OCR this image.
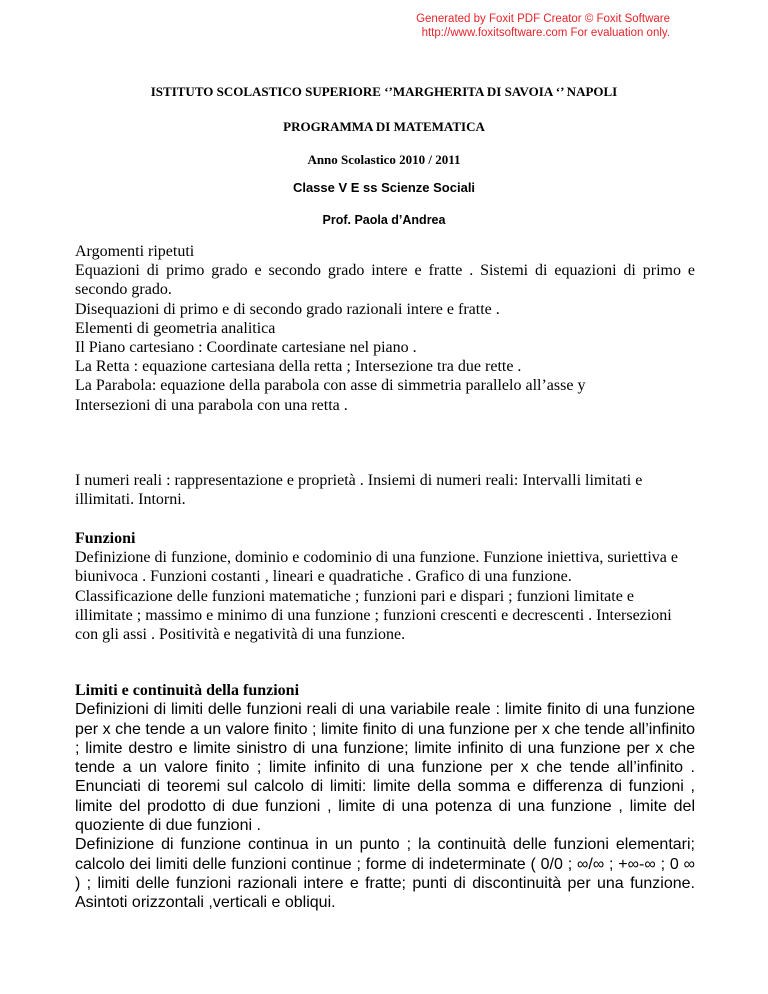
Generated by Foxit PDF Creator © Foxit Software
http://www.foxitsoftware.com For evaluation only.
ISTITUTO SCOLASTICO SUPERIORE ‘’MARGHERITA DI SAVOIA ‘’ NAPOLI
PROGRAMMA DI MATEMATICA
Anno Scolastico 2010 / 2011
Classe V E ss Scienze Sociali
Prof. Paola d’Andrea
Argomenti ripetuti

Equazioni di primo grado e secondo grado intere e fratte . Sistemi di equazioni di primo e secondo grado.

Disequazioni di primo e di secondo grado razionali intere e fratte .
Elementi di geometria analitica
Il Piano cartesiano : Coordinate cartesiane nel piano .
La Retta : equazione cartesiana della retta ; Intersezione tra due rette .
La Parabola: equazione della parabola con asse di simmetria parallelo all’asse y
Intersezioni di una parabola con una retta .

I numeri reali : rappresentazione e proprietà . Insiemi di numeri reali: Intervalli limitati e illimitati. Intorni.

Funzioni

Definizione di funzione, dominio e codominio di una funzione. Funzione iniettiva, suriettiva e biunivoca . Funzioni costanti , lineari e quadratiche . Grafico di una funzione.

Classificazione delle funzioni matematiche ; funzioni pari e dispari ; funzioni limitate e illimitate ; massimo e minimo di una funzione ; funzioni crescenti e decrescenti . Intersezioni con gli assi . Positività e negatività di una funzione.

Limiti e continuità della funzioni

Definizioni di limiti delle funzioni reali di una variabile reale : limite finito di una funzione per x che tende a un valore finito ; limite finito di una funzione per x che tende all’infinito ; limite destro e limite sinistro di una funzione; limite infinito di una funzione per x che tende a un valore finito ; limite infinito di una funzione per x che tende all’infinito . Enunciati di teoremi sul calcolo di limiti: limite della somma e differenza di funzioni , limite del prodotto di due funzioni , limite di una potenza di una funzione , limite del quoziente di due funzioni .

Definizione di funzione continua in un punto ; la continuità delle funzioni elementari; calcolo dei limiti delle funzioni continue ; forme di indeterminate ( 0/0 ; ∞/∞ ; +∞-∞ ; 0 ∞ ) ; limiti delle funzioni razionali intere e fratte; punti di discontinuità per una funzione. Asintoti orizzontali ,verticali e obliqui.
